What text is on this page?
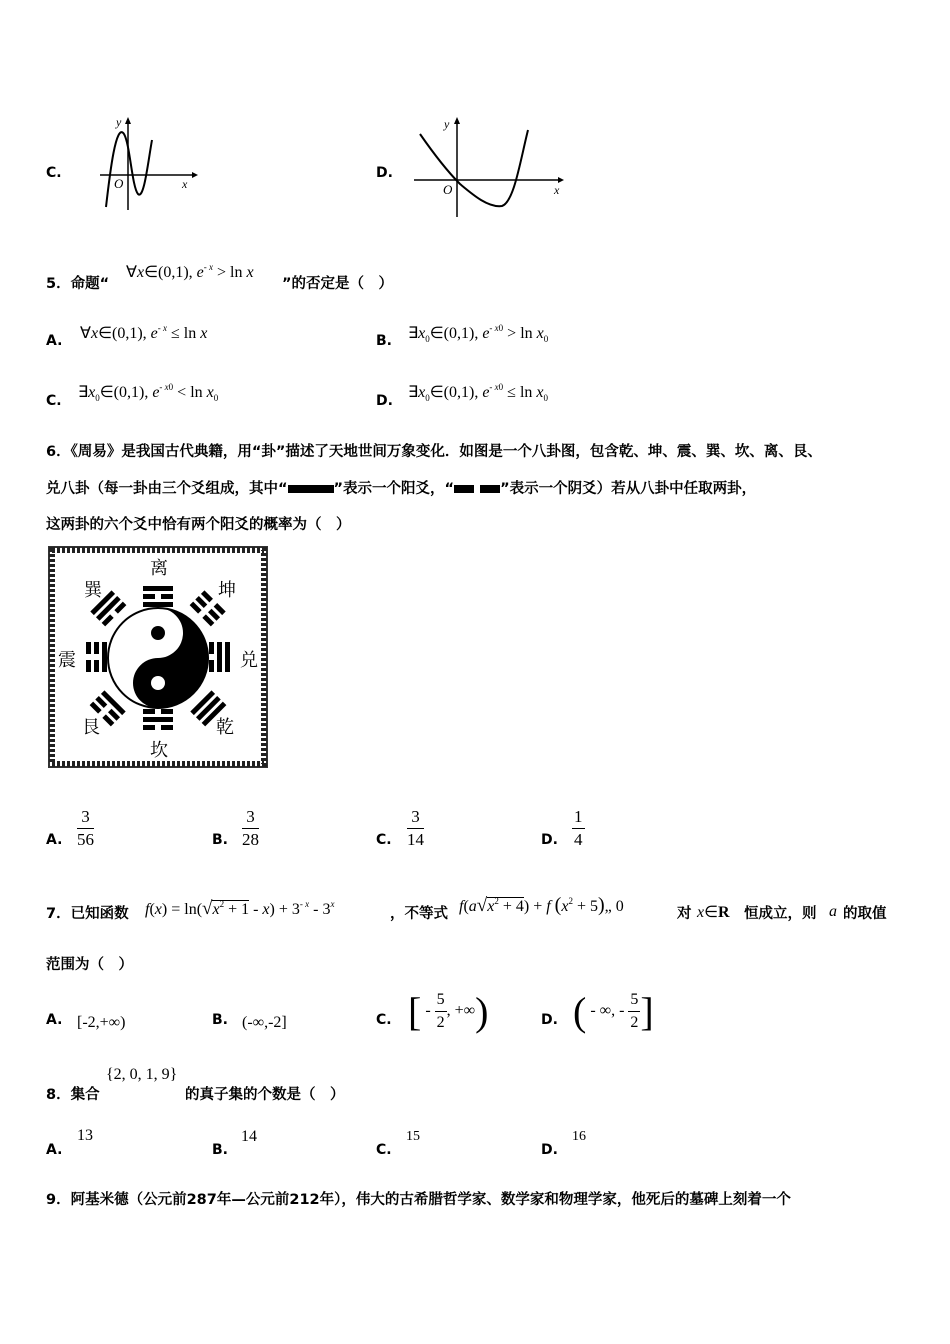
C.
y
x
O
D.
y
x
O
5．命题“
∀x∈(0,1), $e^{- x} > \ln x$
”的否定是（　）
A. ∀x∈(0,1), $e^{- x} \le \ln x$	B. $\exists x_0\in(0,1)$, $e^{- x0} > \ln x_0$
C. $\exists x_0\in(0,1)$, $e^{- x0} < \ln x_0$	D. $\exists x_0\in(0,1)$, $e^{- x0} \le \ln x_0$
6．《周易》是我国古代典籍，用“卦”描述了天地世间万象变化．如图是一个八卦图，包含乾、坤、震、巽、坎、离、艮、
兑八卦（每一卦由三个爻组成，其中“	”表示一个阳爻，“	”表示一个阴爻）若从八卦中任取两卦，
这两卦的六个爻中恰有两个阳爻的概率为（　）
离
坤
兑
乾
坎
艮
震
巽
A. $\frac{3}{56}$	B. $\frac{3}{28}$	C. $\frac{3}{14}$	D. $\frac{1}{4}$
7．已知函数 $f(x) = \ln(√x^2 + 1 - x) + 3^{- x} - 3^x$
，不等式 $f(a√x^2 + 4) + f$ ($x^2$ + 5)„ 0	对 x∈R 恒成立，则 a 的取值
范围为（　）
A. [-2,+∞)	B. (-∞,-2]	C. [ - $\frac{5}{2}$ , +∞)	D. ( - ∞, - $\frac{5}{2}$ ]
8．集合
{2, 0, 1, 9}
的真子集的个数是（　）
A.
13
B.
14
C.
15
D.
16
9．阿基米德（公元前287年—公元前212年），伟大的古希腊哲学家、数学家和物理学家，他死后的墓碑上刻着一个
